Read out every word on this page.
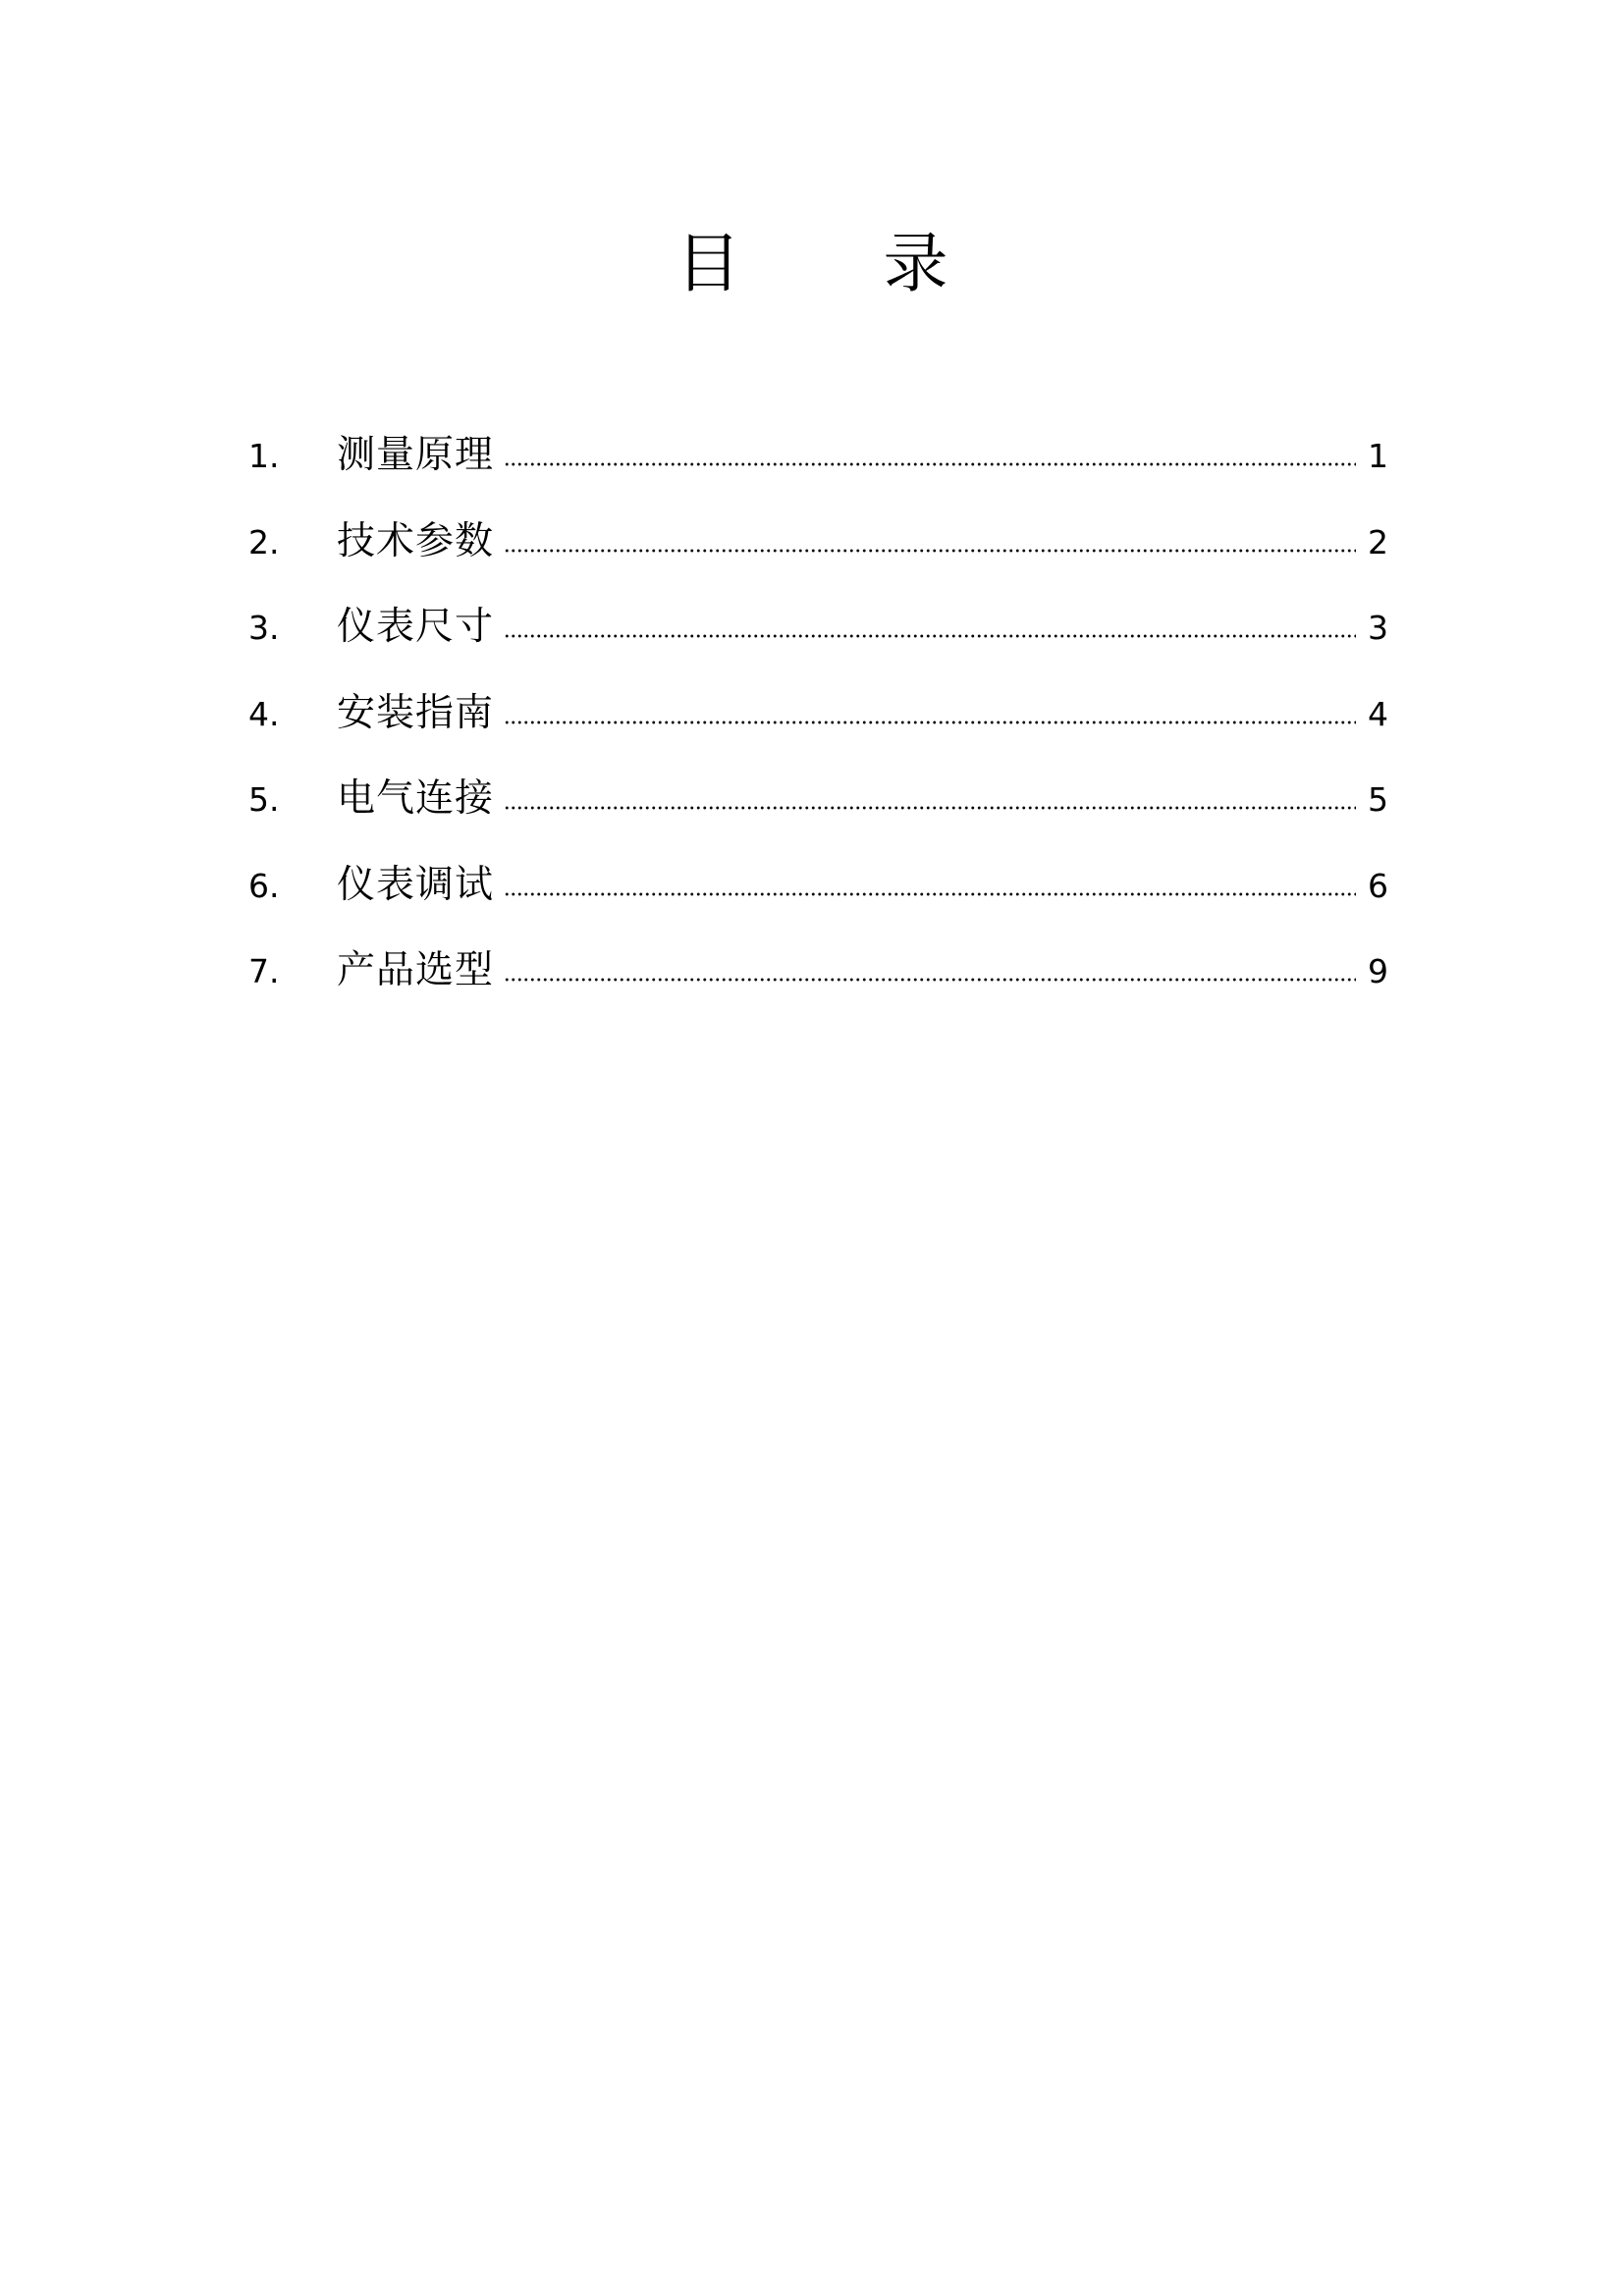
目 录
1.	测量原理	1
2.	技术参数	2
3.	仪表尺寸	3
4.	安装指南	4
5.	电气连接	5
6.	仪表调试	6
7.	产品选型	9
